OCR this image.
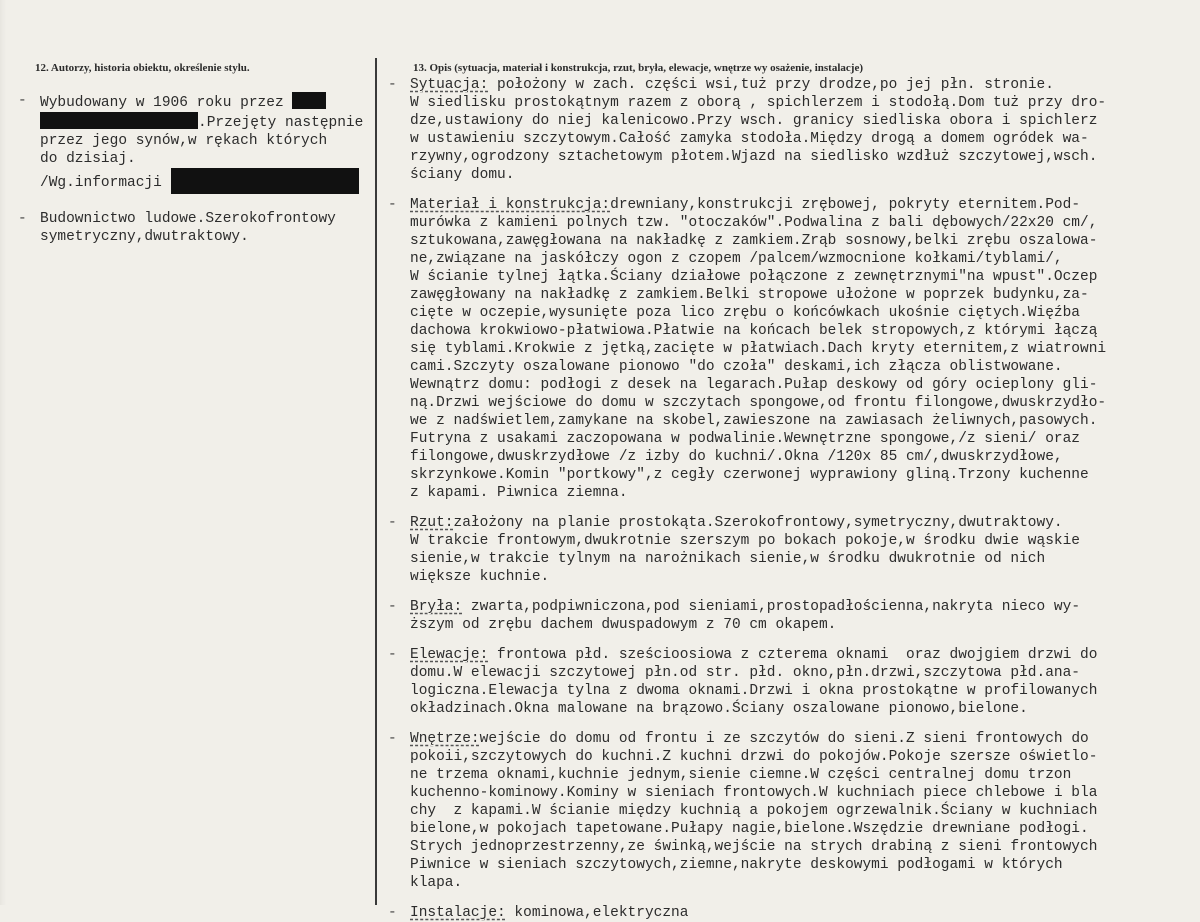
12. Autorzy, historia obiektu, określenie stylu.	13. Opis (sytuacja, materiał i konstrukcja, rzut, bryła, elewacje, wnętrze wy osażenie, instalacje)
- Wybudowany w 1906 roku przez
.Przejęty następnie
przez jego synów,w rękach których
do dzisiaj.
/Wg.informacji
- Budownictwo ludowe.Szerokofrontowy
symetryczny,dwutraktowy.
- Sytuacja: położony w zach. części wsi,tuż przy drodze,po jej płn. stronie.
W siedlisku prostokątnym razem z oborą , spichlerzem i stodołą.Dom tuż przy dro-
dze,ustawiony do niej kalenicowo.Przy wsch. granicy siedliska obora i spichlerz
w ustawieniu szczytowym.Całość zamyka stodoła.Między drogą a domem ogródek wa-
rzywny,ogrodzony sztachetowym płotem.Wjazd na siedlisko wzdłuż szczytowej,wsch.
ściany domu.
- Materiał i konstrukcja:drewniany,konstrukcji zrębowej, pokryty eternitem.Pod-
murówka z kamieni polnych tzw. "otoczaków".Podwalina z bali dębowych/22x20 cm/,
sztukowana,zawęgłowana na nakładkę z zamkiem.Zrąb sosnowy,belki zrębu oszalowa-
ne,związane na jaskółczy ogon z czopem /palcem/wzmocnione kołkami/tyblami/,
W ścianie tylnej łątka.Ściany działowe połączone z zewnętrznymi"na wpust".Oczep
zawęgłowany na nakładkę z zamkiem.Belki stropowe ułożone w poprzek budynku,za-
cięte w oczepie,wysunięte poza lico zrębu o końcówkach ukośnie ciętych.Więźba
dachowa krokwiowo-płatwiowa.Płatwie na końcach belek stropowych,z którymi łączą
się tyblami.Krokwie z jętką,zacięte w płatwiach.Dach kryty eternitem,z wiatrowni
cami.Szczyty oszalowane pionowo "do czoła" deskami,ich złącza oblistwowane.
Wewnątrz domu: podłogi z desek na legarach.Pułap deskowy od góry ocieplony gli-
ną.Drzwi wejściowe do domu w szczytach spongowe,od frontu filongowe,dwuskrzydło-
we z nadświetlem,zamykane na skobel,zawieszone na zawiasach żeliwnych,pasowych.
Futryna z usakami zaczopowana w podwalinie.Wewnętrzne spongowe,/z sieni/ oraz
filongowe,dwuskrzydłowe /z izby do kuchni/.Okna /120x 85 cm/,dwuskrzydłowe,
skrzynkowe.Komin "portkowy",z cegły czerwonej wyprawiony gliną.Trzony kuchenne
z kapami. Piwnica ziemna.
- Rzut:założony na planie prostokąta.Szerokofrontowy,symetryczny,dwutraktowy.
W trakcie frontowym,dwukrotnie szerszym po bokach pokoje,w środku dwie wąskie
sienie,w trakcie tylnym na narożnikach sienie,w środku dwukrotnie od nich
większe kuchnie.
- Bryła: zwarta,podpiwniczona,pod sieniami,prostopadłościenna,nakryta nieco wy-
ższym od zrębu dachem dwuspadowym z 70 cm okapem.
- Elewacje: frontowa płd. sześcioosiowa z czterema oknami  oraz dwojgiem drzwi do
domu.W elewacji szczytowej płn.od str. płd. okno,płn.drzwi,szczytowa płd.ana-
logiczna.Elewacja tylna z dwoma oknami.Drzwi i okna prostokątne w profilowanych
okładzinach.Okna malowane na brązowo.Ściany oszalowane pionowo,bielone.
- Wnętrze:wejście do domu od frontu i ze szczytów do sieni.Z sieni frontowych do
pokoii,szczytowych do kuchni.Z kuchni drzwi do pokojów.Pokoje szersze oświetlo-
ne trzema oknami,kuchnie jednym,sienie ciemne.W części centralnej domu trzon
kuchenno-kominowy.Kominy w sieniach frontowych.W kuchniach piece chlebowe i bla
chy  z kapami.W ścianie między kuchnią a pokojem ogrzewalnik.Ściany w kuchniach
bielone,w pokojach tapetowane.Pułapy nagie,bielone.Wszędzie drewniane podłogi.
Strych jednoprzestrzenny,ze świnką,wejście na strych drabiną z sieni frontowych
Piwnice w sieniach szczytowych,ziemne,nakryte deskowymi podłogami w których
klapa.
- Instalacje: kominowa,elektryczna
